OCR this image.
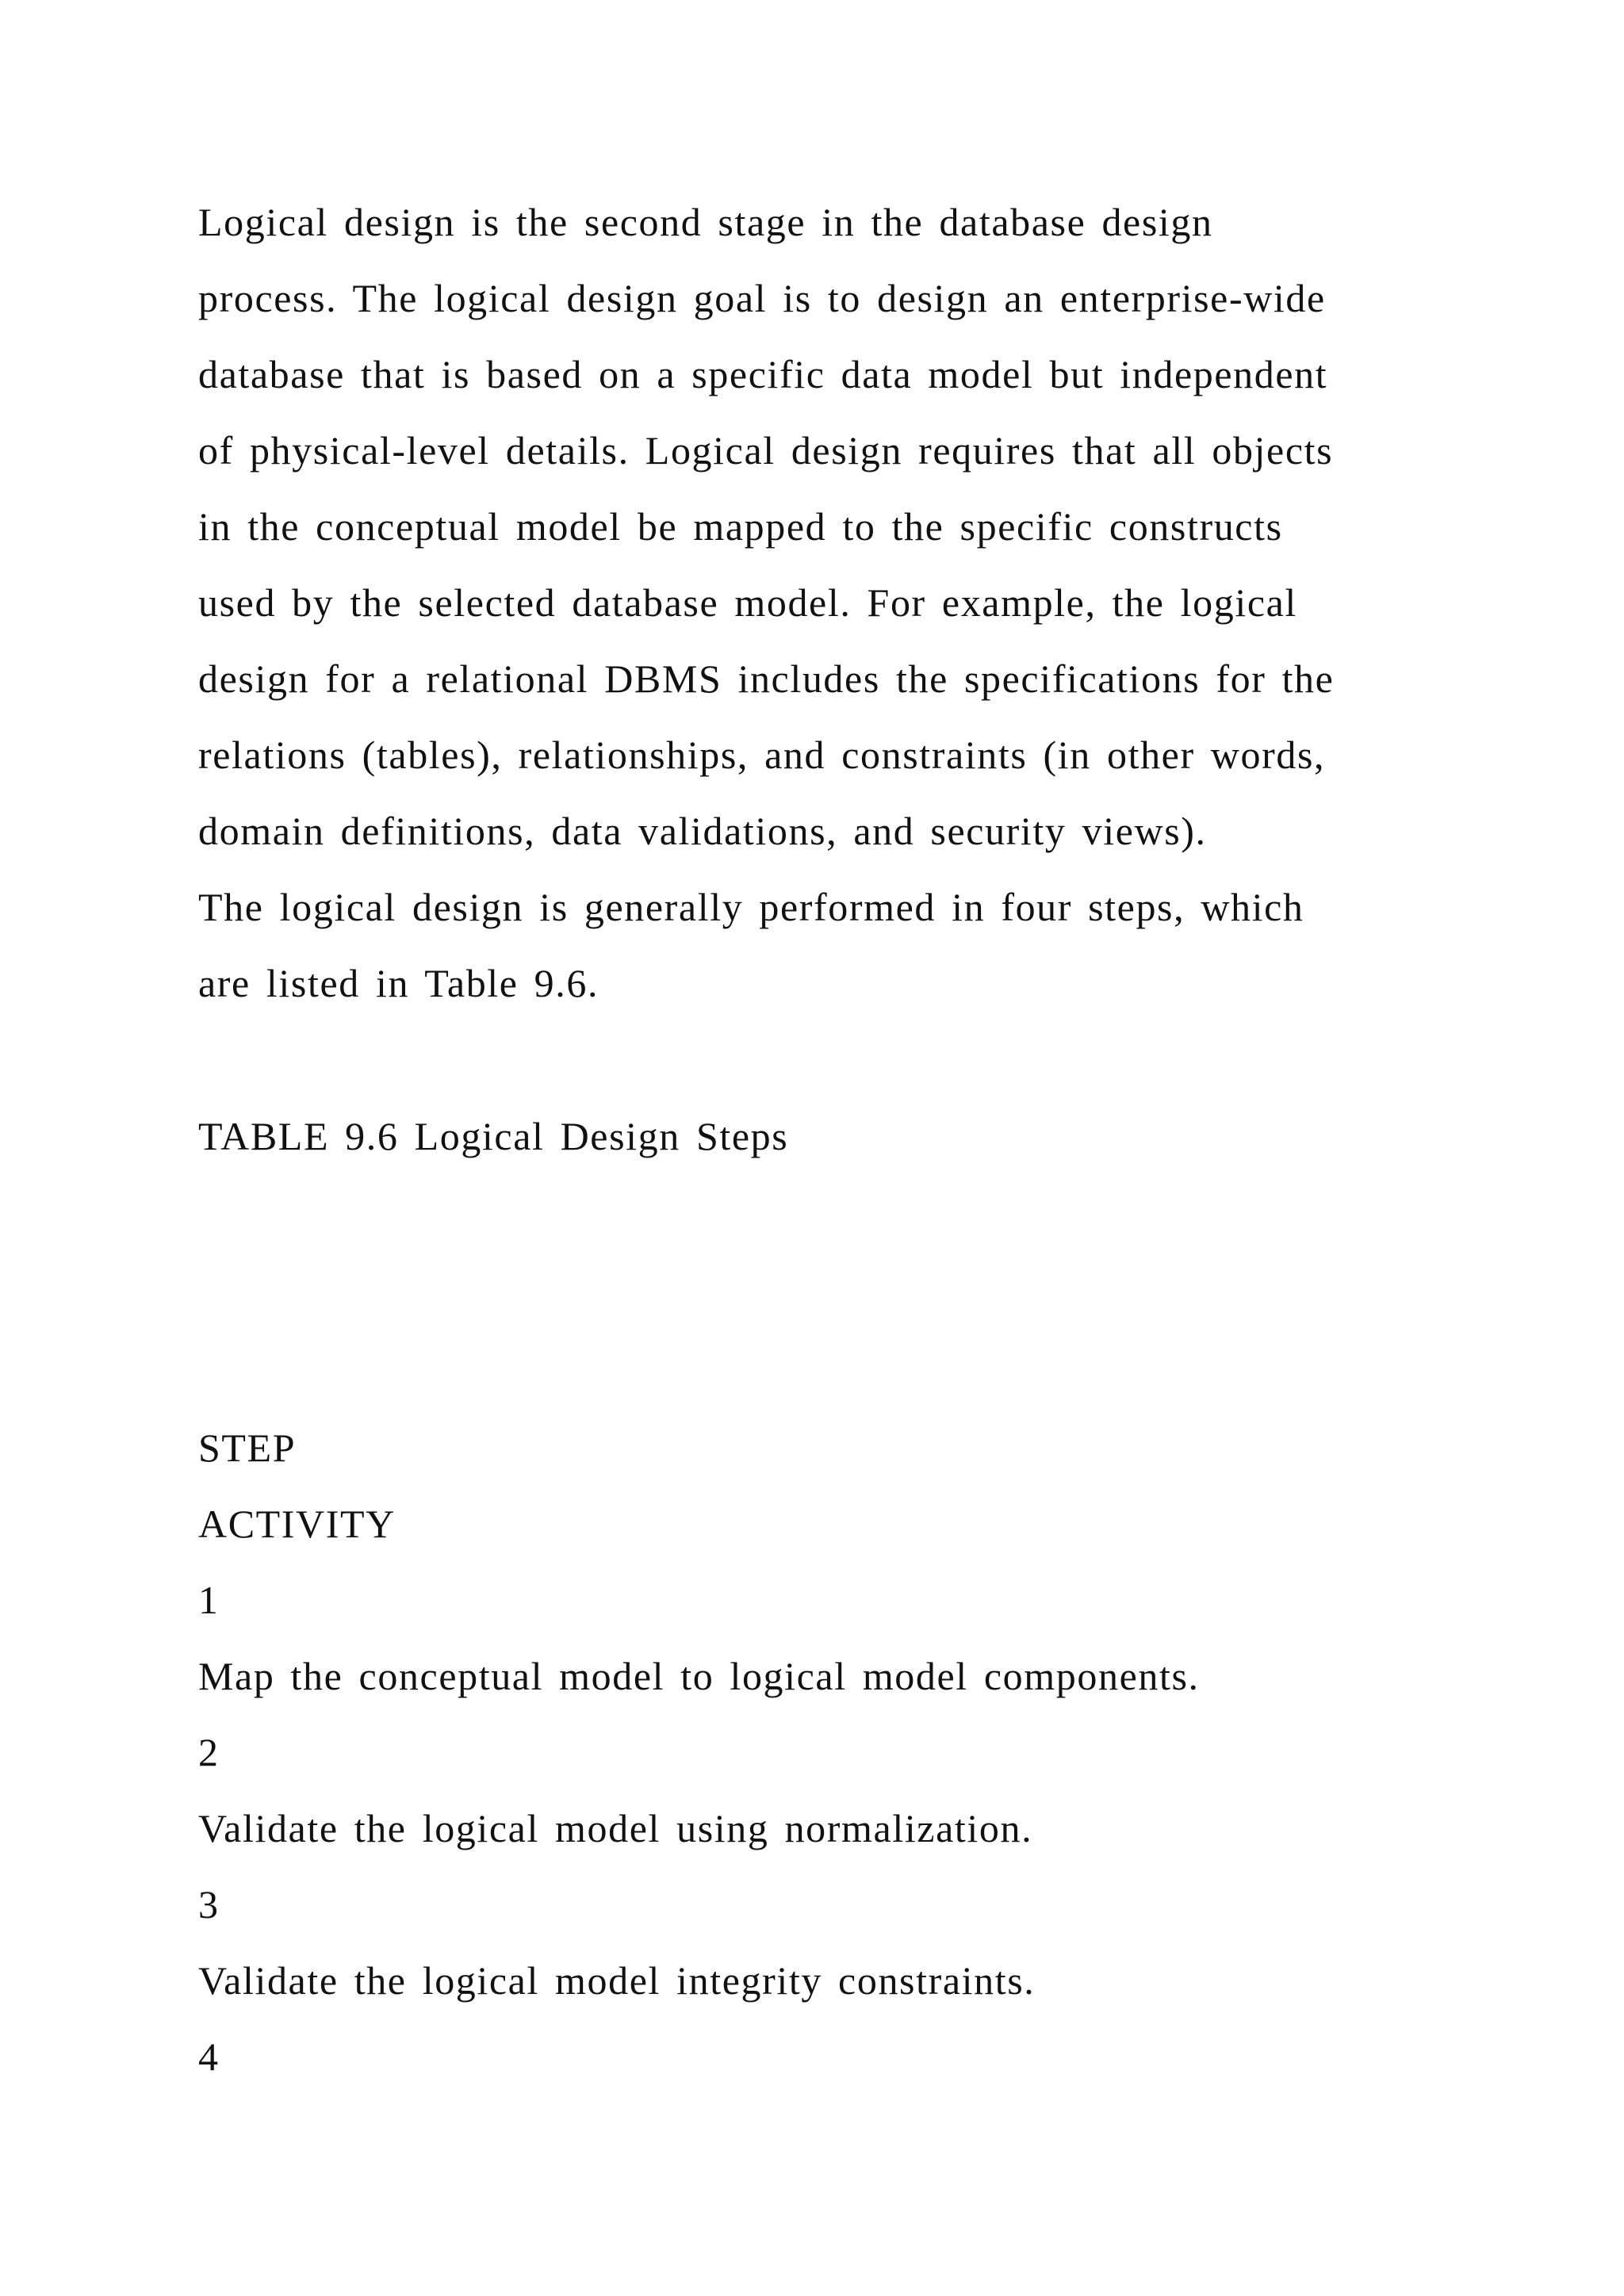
Logical design is the second stage in the database design
process. The logical design goal is to design an enterprise-wide
database that is based on a specific data model but independent
of physical-level details. Logical design requires that all objects
in the conceptual model be mapped to the specific constructs
used by the selected database model. For example, the logical
design for a relational DBMS includes the specifications for the
relations (tables), relationships, and constraints (in other words,
domain definitions, data validations, and security views).
The logical design is generally performed in four steps, which
are listed in Table 9.6.
TABLE 9.6 Logical Design Steps
STEP
ACTIVITY
1
Map the conceptual model to logical model components.
2
Validate the logical model using normalization.
3
Validate the logical model integrity constraints.
4
